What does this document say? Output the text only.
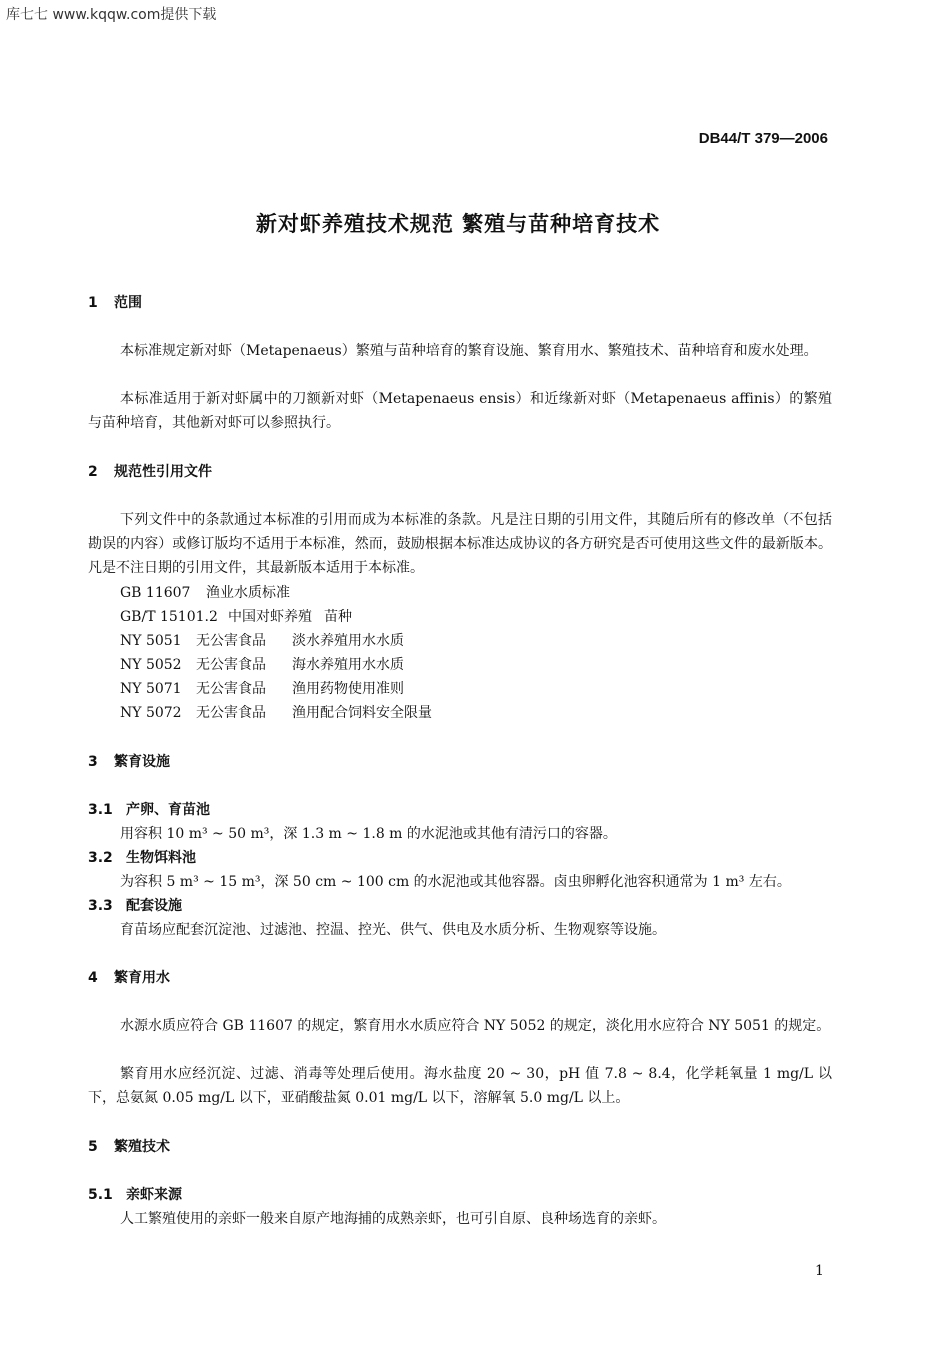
库七七 www.kqqw.com提供下载
DB44/T 379—2006
新对虾养殖技术规范 繁殖与苗种培育技术
1 范围
本标准规定新对虾（Metapenaeus）繁殖与苗种培育的繁育设施、繁育用水、繁殖技术、苗种培育和废水处理。
本标准适用于新对虾属中的刀额新对虾（Metapenaeus ensis）和近缘新对虾（Metapenaeus affinis）的繁殖与苗种培育，其他新对虾可以参照执行。
2 规范性引用文件
下列文件中的条款通过本标准的引用而成为本标准的条款。凡是注日期的引用文件，其随后所有的修改单（不包括勘误的内容）或修订版均不适用于本标准，然而，鼓励根据本标准达成协议的各方研究是否可使用这些文件的最新版本。凡是不注日期的引用文件，其最新版本适用于本标准。
GB 11607 渔业水质标准
GB/T 15101.2 中国对虾养殖 苗种
NY 5051 无公害食品 淡水养殖用水水质
NY 5052 无公害食品 海水养殖用水水质
NY 5071 无公害食品 渔用药物使用准则
NY 5072 无公害食品 渔用配合饲料安全限量
3 繁育设施
3.1 产卵、育苗池
用容积 10 m³ ~ 50 m³，深 1.3 m ~ 1.8 m 的水泥池或其他有清污口的容器。
3.2 生物饵料池
为容积 5 m³ ~ 15 m³，深 50 cm ~ 100 cm 的水泥池或其他容器。卤虫卵孵化池容积通常为 1 m³ 左右。
3.3 配套设施
育苗场应配套沉淀池、过滤池、控温、控光、供气、供电及水质分析、生物观察等设施。
4 繁育用水
水源水质应符合 GB 11607 的规定，繁育用水水质应符合 NY 5052 的规定，淡化用水应符合 NY 5051 的规定。
繁育用水应经沉淀、过滤、消毒等处理后使用。海水盐度 20 ~ 30，pH 值 7.8 ~ 8.4，化学耗氧量 1 mg/L 以下，总氨氮 0.05 mg/L 以下，亚硝酸盐氮 0.01 mg/L 以下，溶解氧 5.0 mg/L 以上。
5 繁殖技术
5.1 亲虾来源
人工繁殖使用的亲虾一般来自原产地海捕的成熟亲虾，也可引自原、良种场选育的亲虾。
1
